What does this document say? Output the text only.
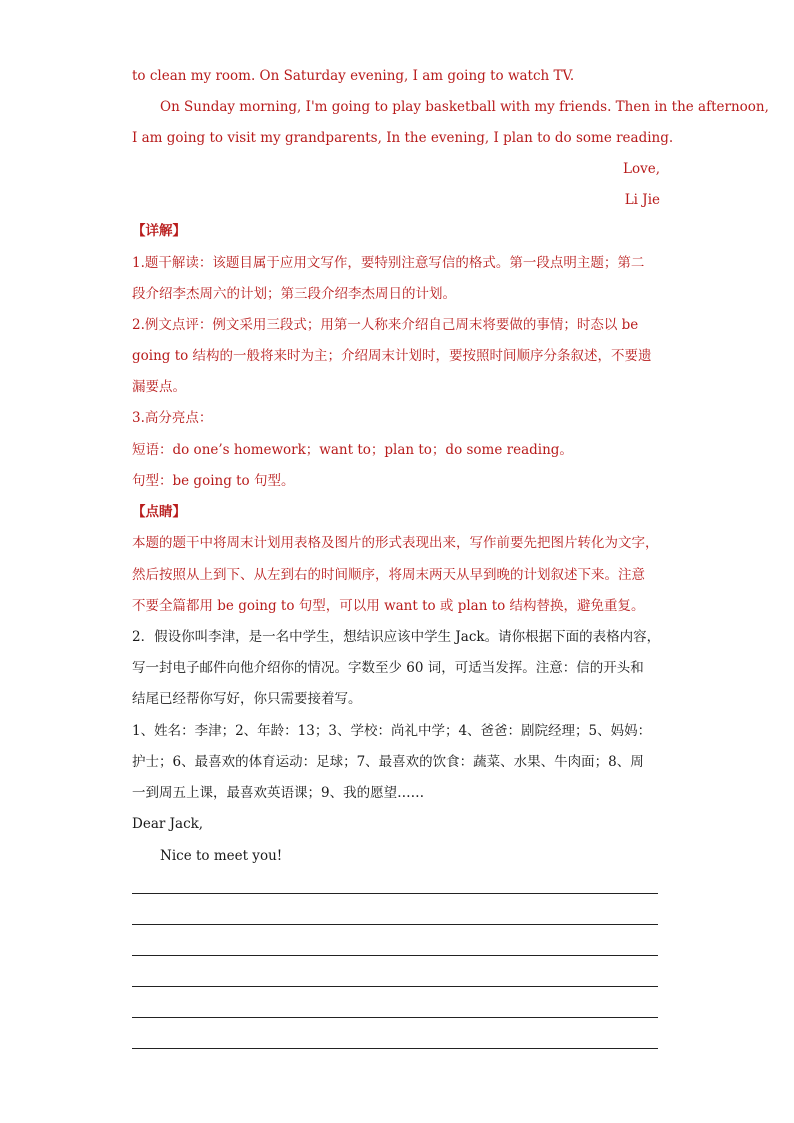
to clean my room. On Saturday evening, I am going to watch TV.
On Sunday morning, I'm going to play basketball with my friends. Then in the afternoon,
I am going to visit my grandparents, In the evening, I plan to do some reading.
Love,
Li Jie
【详解】
1.题干解读：该题目属于应用文写作，要特别注意写信的格式。第一段点明主题；第二
段介绍李杰周六的计划；第三段介绍李杰周日的计划。
2.例文点评：例文采用三段式；用第一人称来介绍自己周末将要做的事情；时态以 be
going to 结构的一般将来时为主；介绍周末计划时，要按照时间顺序分条叙述，不要遗
漏要点。
3.高分亮点：
短语：do one’s homework；want to；plan to；do some reading。
句型：be going to 句型。
【点睛】
本题的题干中将周末计划用表格及图片的形式表现出来，写作前要先把图片转化为文字，
然后按照从上到下、从左到右的时间顺序，将周末两天从早到晚的计划叙述下来。注意
不要全篇都用 be going to 句型，可以用 want to 或 plan to 结构替换，避免重复。
2．假设你叫李津，是一名中学生，想结识应该中学生 Jack。请你根据下面的表格内容，
写一封电子邮件向他介绍你的情况。字数至少 60 词，可适当发挥。注意：信的开头和
结尾已经帮你写好，你只需要接着写。
1、姓名：李津；2、年龄：13；3、学校：尚礼中学；4、爸爸：剧院经理；5、妈妈：
护士；6、最喜欢的体育运动：足球；7、最喜欢的饮食：蔬菜、水果、牛肉面；8、周
一到周五上课，最喜欢英语课；9、我的愿望……
Dear Jack,
Nice to meet you!
